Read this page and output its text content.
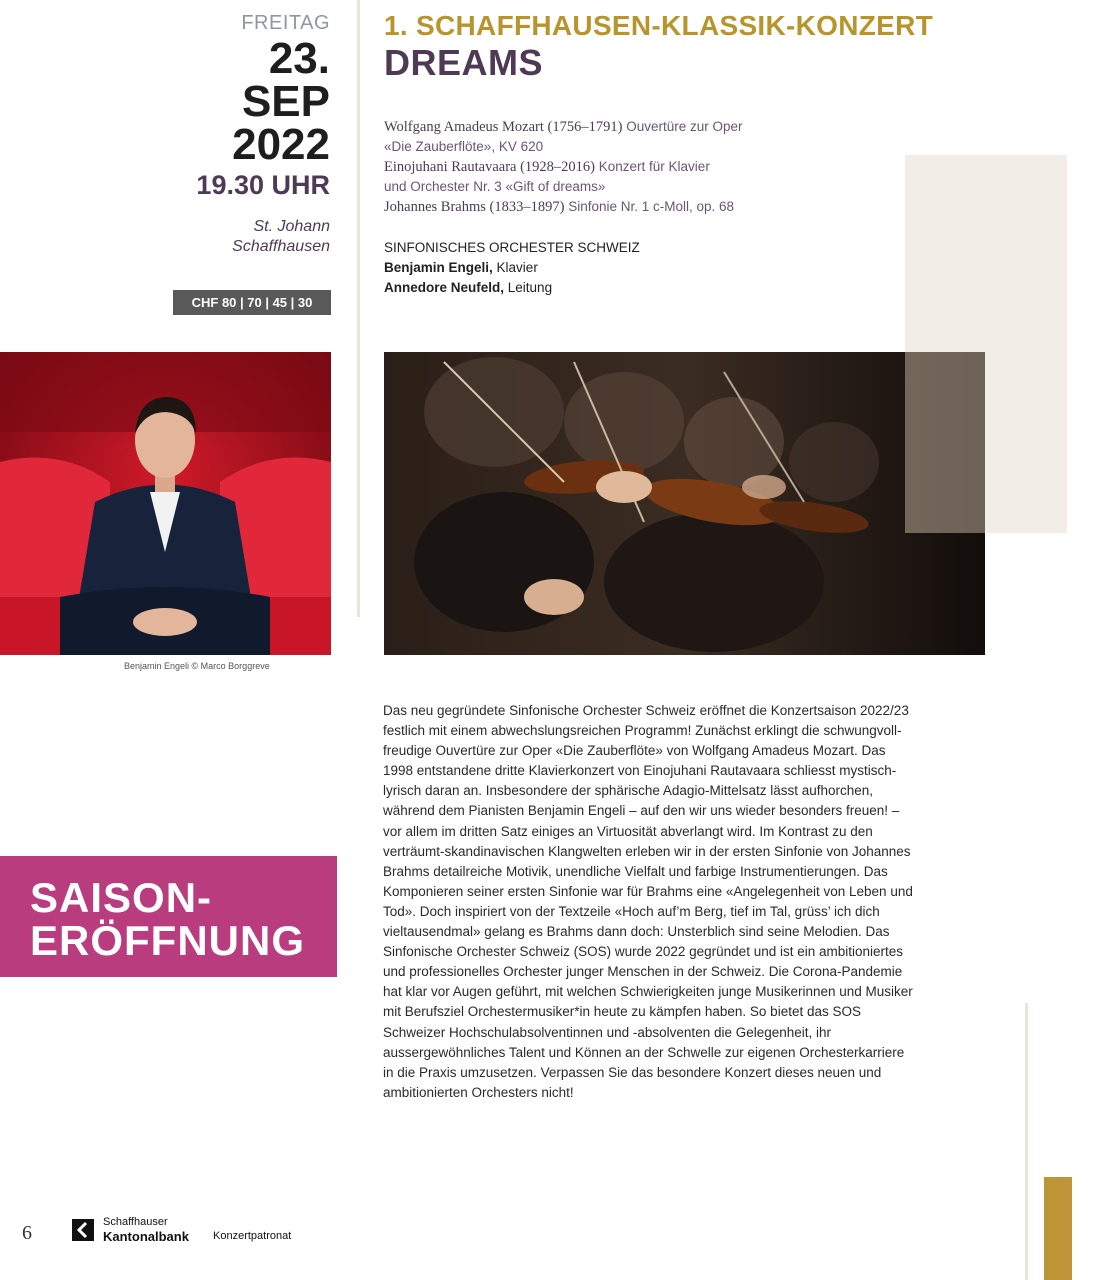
FREITAG
23.
SEP
2022
19.30 UHR
St. Johann
Schaffhausen
CHF 80 | 70 | 45 | 30
1. SCHAFFHAUSEN-KLASSIK-KONZERT
DREAMS
Wolfgang Amadeus Mozart (1756–1791) Ouvertüre zur Oper
«Die Zauberflöte», KV 620
Einojuhani Rautavaara (1928–2016) Konzert für Klavier
und Orchester Nr. 3 «Gift of dreams»
Johannes Brahms (1833–1897) Sinfonie Nr. 1 c-Moll, op. 68
SINFONISCHES ORCHESTER SCHWEIZ
Benjamin Engeli, Klavier
Annedore Neufeld, Leitung
Benjamin Engeli © Marco Borggreve
Das neu gegründete Sinfonische Orchester Schweiz eröffnet die Konzertsaison 2022/23 festlich mit einem abwechslungsreichen Programm! Zunächst erklingt die schwungvoll-freudige Ouvertüre zur Oper «Die Zauberflöte» von Wolfgang Amadeus Mozart. Das 1998 entstandene dritte Klavierkonzert von Einojuhani Rautavaara schliesst mystisch-lyrisch daran an. Insbesondere der sphärische Adagio-Mittelsatz lässt aufhorchen, während dem Pianisten Benjamin Engeli – auf den wir uns wieder besonders freuen! – vor allem im dritten Satz einiges an Virtuosität abverlangt wird. Im Kontrast zu den verträumt-skandinavischen Klangwelten erleben wir in der ersten Sinfonie von Johannes Brahms detailreiche Motivik, unendliche Vielfalt und farbige Instrumentierungen. Das Komponieren seiner ersten Sinfonie war für Brahms eine «Angelegenheit von Leben und Tod». Doch inspiriert von der Textzeile «Hoch auf’m Berg, tief im Tal, grüss’ ich dich vieltausendmal» gelang es Brahms dann doch: Unsterblich sind seine Melodien. Das Sinfonische Orchester Schweiz (SOS) wurde 2022 gegründet und ist ein ambitioniertes und professionelles Orchester junger Menschen in der Schweiz. Die Corona-Pandemie hat klar vor Augen geführt, mit welchen Schwierigkeiten junge Musikerinnen und Musiker mit Berufsziel Orchestermusiker*in heute zu kämpfen haben. So bietet das SOS Schweizer Hochschulabsolventinnen und -absolventen die Gelegenheit, ihr aussergewöhnliches Talent und Können an der Schwelle zur eigenen Orchesterkarriere in die Praxis umzusetzen. Verpassen Sie das besondere Konzert dieses neuen und ambitionierten Orchesters nicht!
SAISON-
ERÖFFNUNG
6	Schaffhauser
Kantonalbank Konzertpatronat
